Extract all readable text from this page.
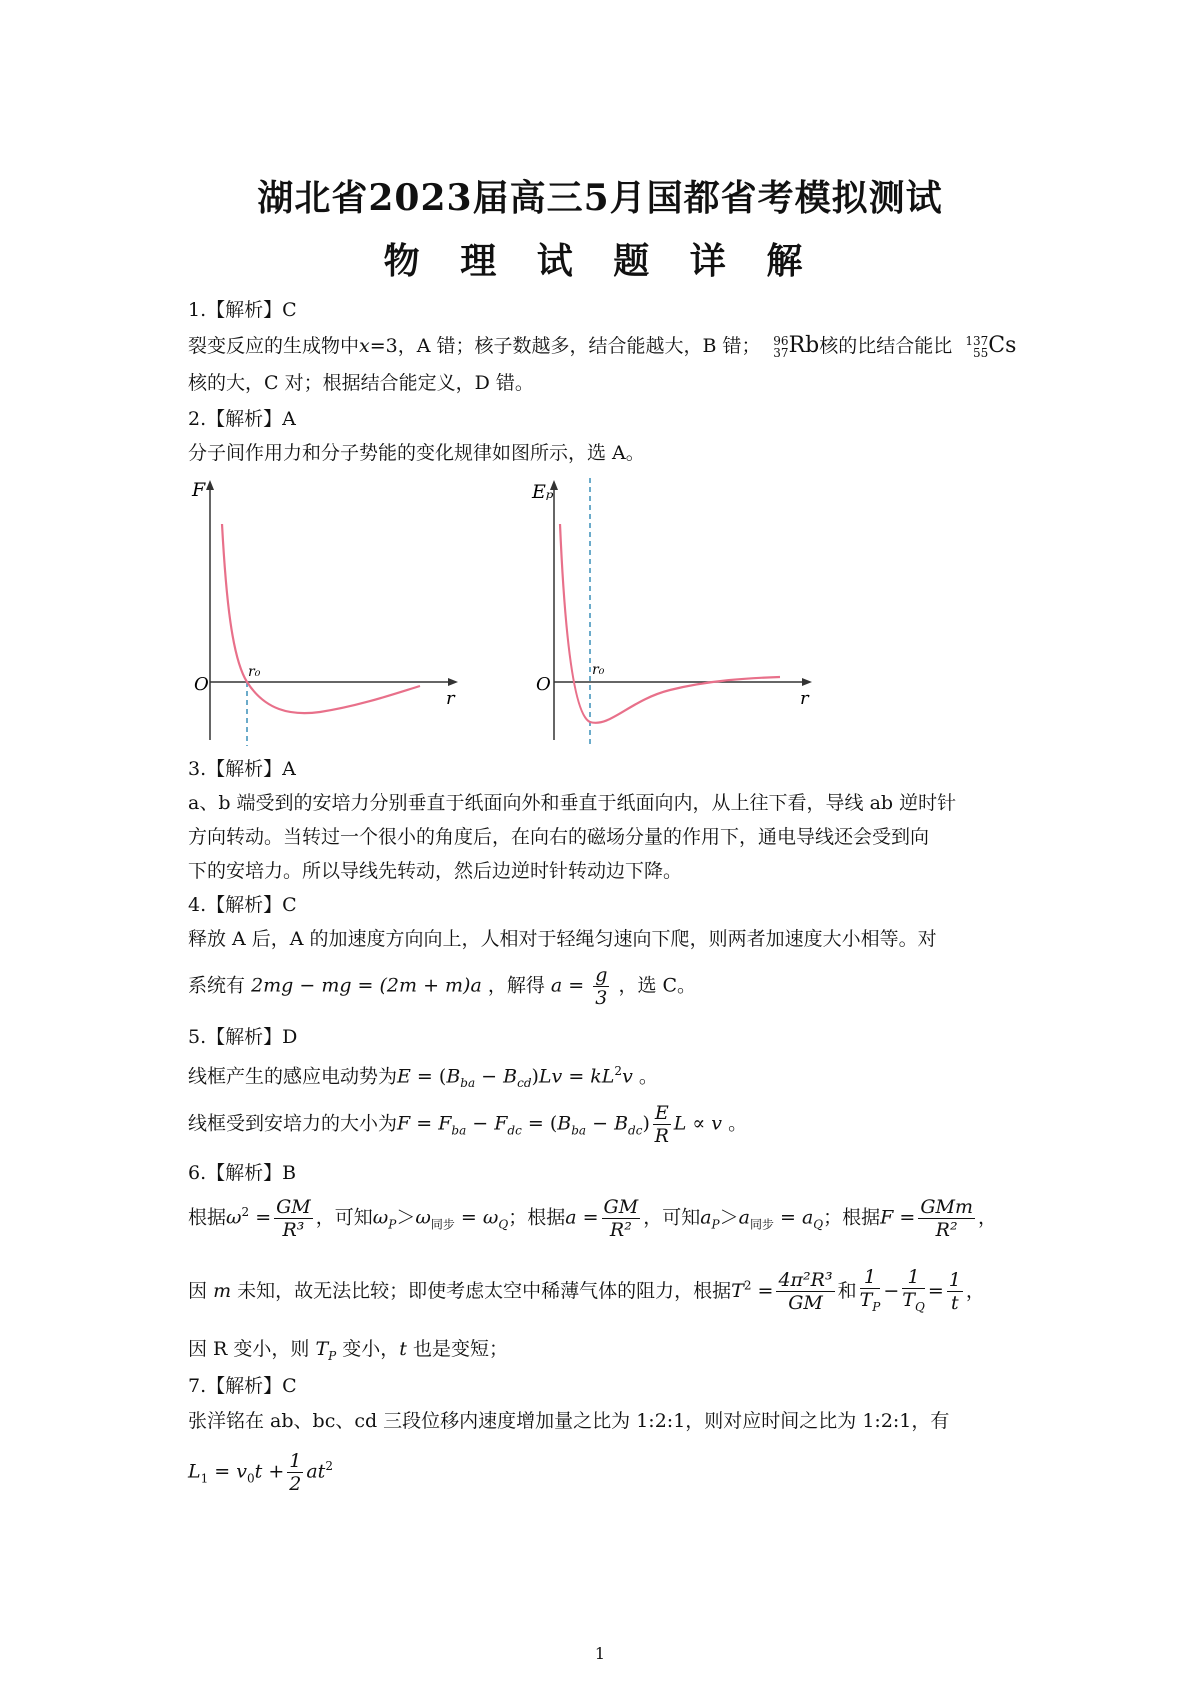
湖北省2023届高三5月国都省考模拟测试
物 理 试 题 详 解
1.【解析】C
裂变反应的生成物中x=3，A 错；核子数越多，结合能越大，B 错； 96
37 Rb核的比结合能比 137
55 Cs
核的大，C 对；根据结合能定义，D 错。
2.【解析】A
分子间作用力和分子势能的变化规律如图所示，选 A。
F
r
O
r₀
Eₚ
r
O
r₀
3.【解析】A
a、b 端受到的安培力分别垂直于纸面向外和垂直于纸面向内，从上往下看，导线 ab 逆时针
方向转动。当转过一个很小的角度后，在向右的磁场分量的作用下，通电导线还会受到向
下的安培力。所以导线先转动，然后边逆时针转动边下降。
4.【解析】C
释放 A 后，A 的加速度方向向上，人相对于轻绳匀速向下爬，则两者加速度大小相等。对
系统有 2mg − mg = (2m + m)a ，解得 $a = \frac{g}{3}$ ，选 C。
5.【解析】D
线框产生的感应电动势为$E = (B_{ba} - B_{cd})Lv = kL^2v$ 。
线框受到安培力的大小为$F = F_{ba} - F_{dc} = (B_{ba} - B_{dc}) \frac{E}{R}$ L ∝ v 。
6.【解析】B
根据$\omega^2 = \frac{GM}{\text{R³}}$ ，可知$\omega_P>\omega_{同步} = \omega_Q$；根据$a = \frac{GM}{\text{R²}}$ ，可知$a_P>a_{同步} = a_Q$；根据$F = \frac{\text{GMm}}{\text{R²}}$ ，
因 m 未知，故无法比较；即使考虑太空中稀薄气体的阻力，根据$T^2 = \frac{\text{4π²R³}}{GM}$ 和 $\frac{1}{T_P} - \frac{1}{T_Q} = \frac{1}{t}$ ，
因 R 变小，则 $T_P$ 变小，t 也是变短；
7.【解析】C
张洋铭在 ab、bc、cd 三段位移内速度增加量之比为 1:2:1，则对应时间之比为 1:2:1，有
$L_1 = v_0t + \frac{1}{2} at^2$
1
